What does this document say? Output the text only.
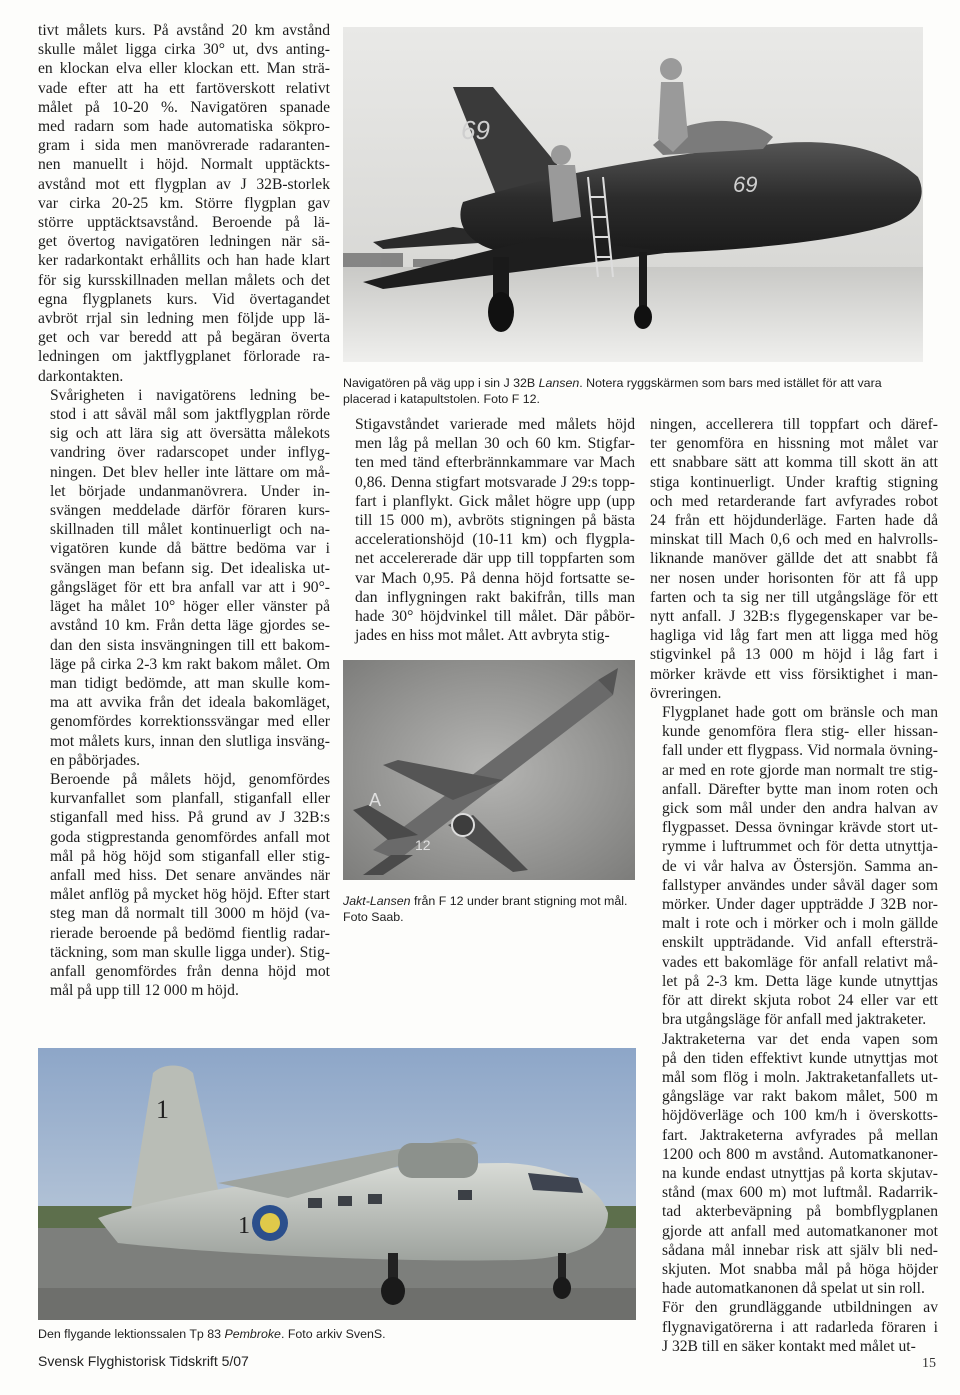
tivt målets kurs. På avstånd 20 km avstånd
skulle målet ligga cirka 30° ut, dvs anting-
en klockan elva eller klockan ett. Man strä-
vade efter att ha ett fartöverskott relativt
målet på 10-20 %. Navigatören spanade
med radarn som hade automatiska sökpro-
gram i sida men manövrerade radaranten-
nen manuellt i höjd. Normalt upptäckts-
avstånd mot ett flygplan av J 32B-storlek
var cirka 20-25 km. Större flygplan gav
större upptäcktsavstånd. Beroende på lä-
get övertog navigatören ledningen när sä-
ker radarkontakt erhållits och han hade klart
för sig kursskillnaden mellan målets och det
egna flygplanets kurs. Vid övertagandet
avbröt rrjal sin ledning men följde upp lä-
get och var beredd att på begäran överta
ledningen om jaktflygplanet förlorade ra-
darkontakten.

Svårigheten i navigatörens ledning be-
stod i att såväl mål som jaktflygplan rörde
sig och att lära sig att översätta målekots
vandring över radarscopet under inflyg-
ningen. Det blev heller inte lättare om må-
let började undanmanövrera. Under in-
svängen meddelade därför föraren kurs-
skillnaden till målet kontinuerligt och na-
vigatören kunde då bättre bedöma var i
svängen man befann sig. Det idealiska ut-
gångsläget för ett bra anfall var att i 90°-
läget ha målet 10° höger eller vänster på
avstånd 10 km. Från detta läge gjordes se-
dan den sista insvängningen till ett bakom-
läge på cirka 2-3 km rakt bakom målet. Om
man tidigt bedömde, att man skulle kom-
ma att avvika från det ideala bakomläget,
genomfördes korrektionssvängar med eller
mot målets kurs, innan den slutliga insväng-
en påbörjades.

Beroende på målets höjd, genomfördes
kurvanfallet som planfall, stiganfall eller
stiganfall med hiss. På grund av J 32B:s
goda stigprestanda genomfördes anfall mot
mål på hög höjd som stiganfall eller stig-
anfall med hiss. Det senare användes när
målet anflög på mycket hög höjd. Efter start
steg man då normalt till 3000 m höjd (va-
rierade beroende på bedömd fientlig radar-
täckning, som man skulle ligga under). Stig-
anfall genomfördes från denna höjd mot
mål på upp till 12 000 m höjd.

69
69
Navigatören på väg upp i sin J 32B Lansen. Notera ryggskärmen som bars med istället för att vara placerad i katapultstolen. Foto F 12.

Stigavståndet varierade med målets höjd
men låg på mellan 30 och 60 km. Stigfar-
ten med tänd efterbrännkammare var Mach
0,86. Denna stigfart motsvarade J 29:s topp-
fart i planflykt. Gick målet högre upp (upp
till 15 000 m), avbröts stigningen på bästa
accelerationshöjd (10-11 km) och flygpla-
net accelererade där upp till toppfarten som
var Mach 0,95. På denna höjd fortsatte se-
dan inflygningen rakt bakifrån, tills man
hade 30° höjdvinkel till målet. Där påbör-
jades en hiss mot målet. Att avbryta stig-

A
12
Jakt-Lansen från F 12 under brant stigning mot mål. Foto Saab.

ningen, accellerera till toppfart och däref-
ter genomföra en hissning mot målet var
ett snabbare sätt att komma till skott än att
stiga kontinuerligt. Under kraftig stigning
och med retarderande fart avfyrades robot
24 från ett höjdunderläge. Farten hade då
minskat till Mach 0,6 och med en halvrolls-
liknande manöver gällde det att snabbt få
ner nosen under horisonten för att få upp
farten och ta sig ner till utgångsläge för ett
nytt anfall. J 32B:s flygegenskaper var be-
hagliga vid låg fart men att ligga med hög
stigvinkel på 13 000 m höjd i låg fart i
mörker krävde ett viss försiktighet i man-
övreringen.

Flygplanet hade gott om bränsle och man
kunde genomföra flera stig- eller hissan-
fall under ett flygpass. Vid normala övning-
ar med en rote gjorde man normalt tre stig-
anfall. Därefter bytte man inom roten och
gick som mål under den andra halvan av
flygpasset. Dessa övningar krävde stort ut-
rymme i luftrummet och för detta utnyttja-
de vi vår halva av Östersjön. Samma an-
fallstyper användes under såväl dager som
mörker. Under dager uppträdde J 32B nor-
malt i rote och i mörker och i moln gällde
enskilt uppträdande. Vid anfall eftersträ-
vades ett bakomläge för anfall relativt må-
let på 2-3 km. Detta läge kunde utnyttjas
för att direkt skjuta robot 24 eller var ett
bra utgångsläge för anfall med jaktraketer.

Jaktraketerna var det enda vapen som
på den tiden effektivt kunde utnyttjas mot
mål som flög i moln. Jaktraketanfallets ut-
gångsläge var rakt bakom målet, 500 m
höjdöverläge och 100 km/h i överskotts-
fart. Jaktraketerna avfyrades på mellan
1200 och 800 m avstånd. Automatkanoner-
na kunde endast utnyttjas på korta skjutav-
stånd (max 600 m) mot luftmål. Radarrik-
tad akterbeväpning på bombflygplanen
gjorde att anfall med automatkanoner mot
sådana mål innebar risk att själv bli ned-
skjuten. Mot snabba mål på höga höjder
hade automatkanonen då spelat ut sin roll.

För den grundläggande utbildningen av
flygnavigatörerna i att radarleda föraren i
J 32B till en säker kontakt med målet ut-

1
1
Den flygande lektionssalen Tp 83 Pembroke. Foto arkiv SvenS.
Svensk Flyghistorisk Tidskrift 5/07	15
